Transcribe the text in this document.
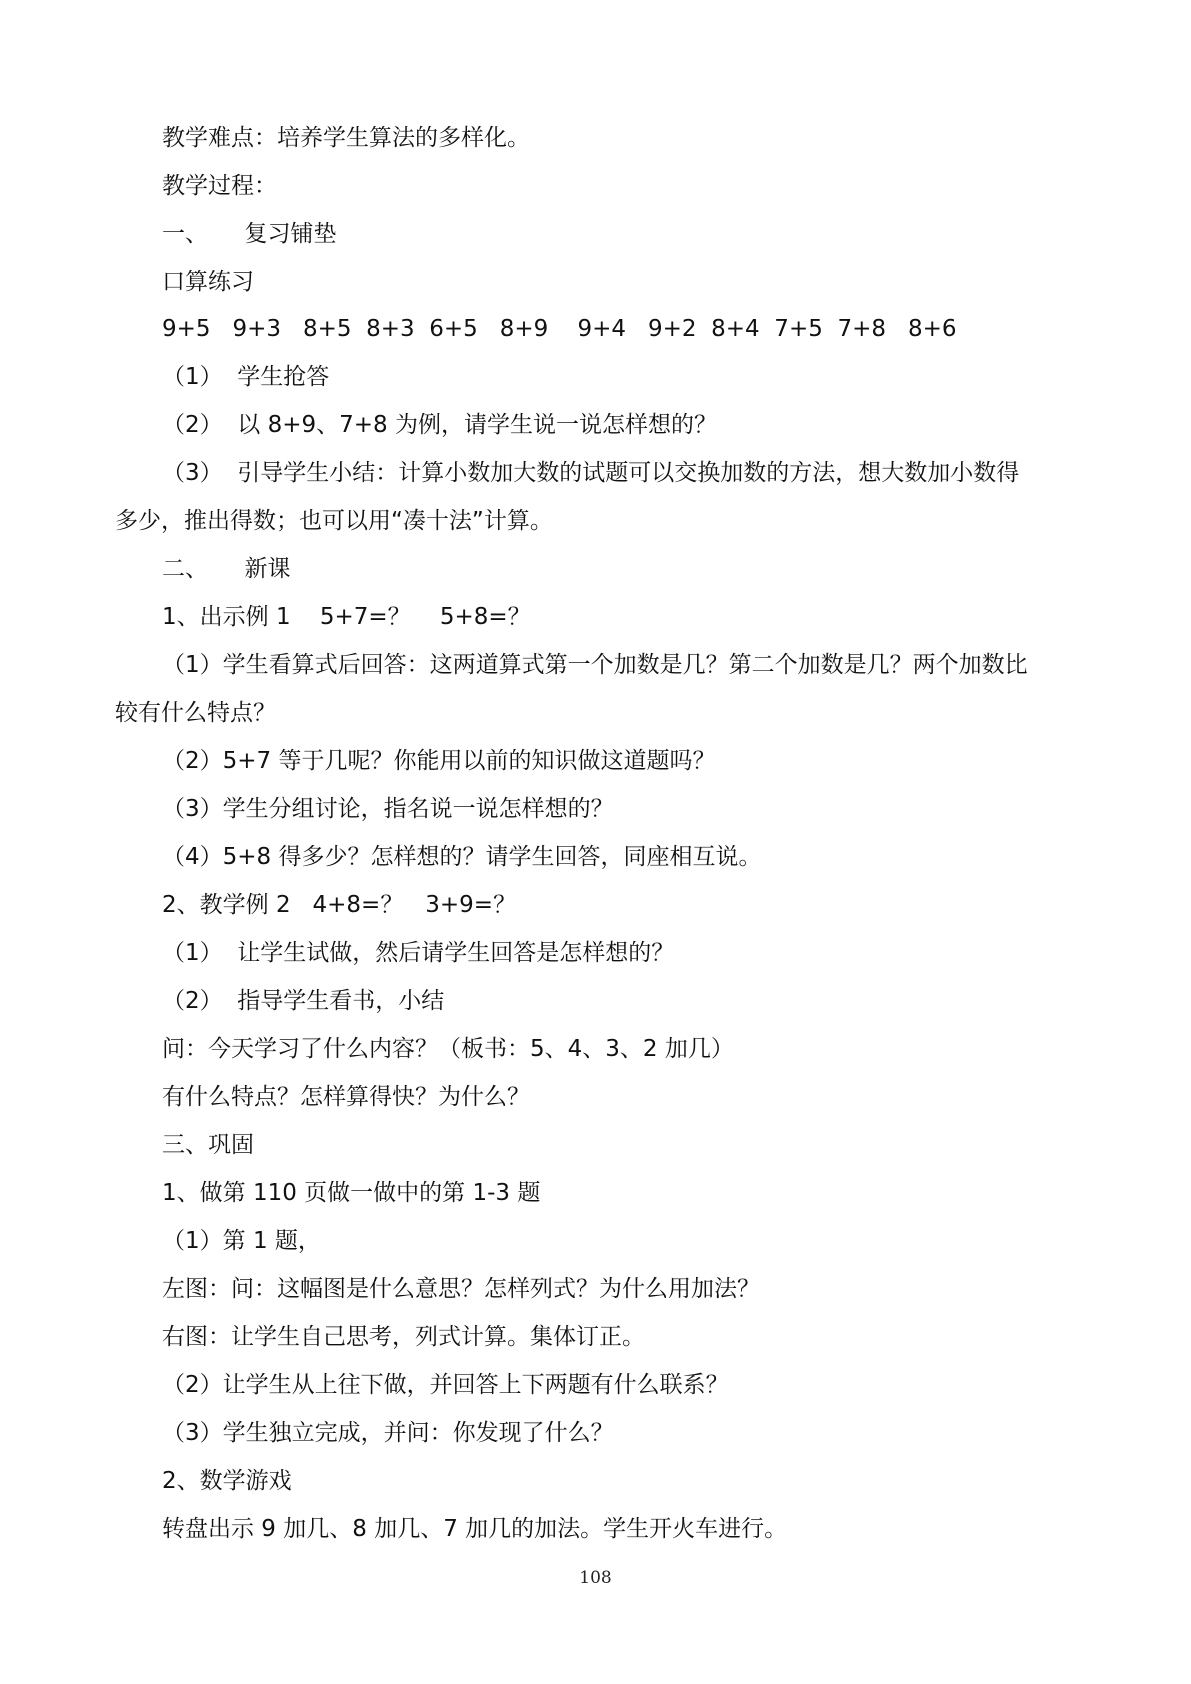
教学难点：培养学生算法的多样化。

教学过程：

一、     复习铺垫

口算练习

9+5   9+3   8+5  8+3  6+5   8+9    9+4   9+2  8+4  7+5  7+8   8+6

（1）  学生抢答

（2）  以 8+9、7+8 为例，请学生说一说怎样想的？

（3）  引导学生小结：计算小数加大数的试题可以交换加数的方法，想大数加小数得

多少，推出得数；也可以用“凑十法”计算。

二、     新课

1、出示例 1    5+7=？    5+8=？

（1）学生看算式后回答：这两道算式第一个加数是几？第二个加数是几？两个加数比

较有什么特点？

（2）5+7 等于几呢？你能用以前的知识做这道题吗？

（3）学生分组讨论，指名说一说怎样想的？

（4）5+8 得多少？怎样想的？请学生回答，同座相互说。

2、教学例 2   4+8=？   3+9=？

（1）  让学生试做，然后请学生回答是怎样想的？

（2）  指导学生看书，小结

问：今天学习了什么内容？（板书：5、4、3、2 加几）

有什么特点？怎样算得快？为什么？

三、巩固

1、做第 110 页做一做中的第 1-3 题

（1）第 1 题，

左图：问：这幅图是什么意思？怎样列式？为什么用加法？

右图：让学生自己思考，列式计算。集体订正。

（2）让学生从上往下做，并回答上下两题有什么联系？

（3）学生独立完成，并问：你发现了什么？

2、数学游戏

转盘出示 9 加几、8 加几、7 加几的加法。学生开火车进行。

108
